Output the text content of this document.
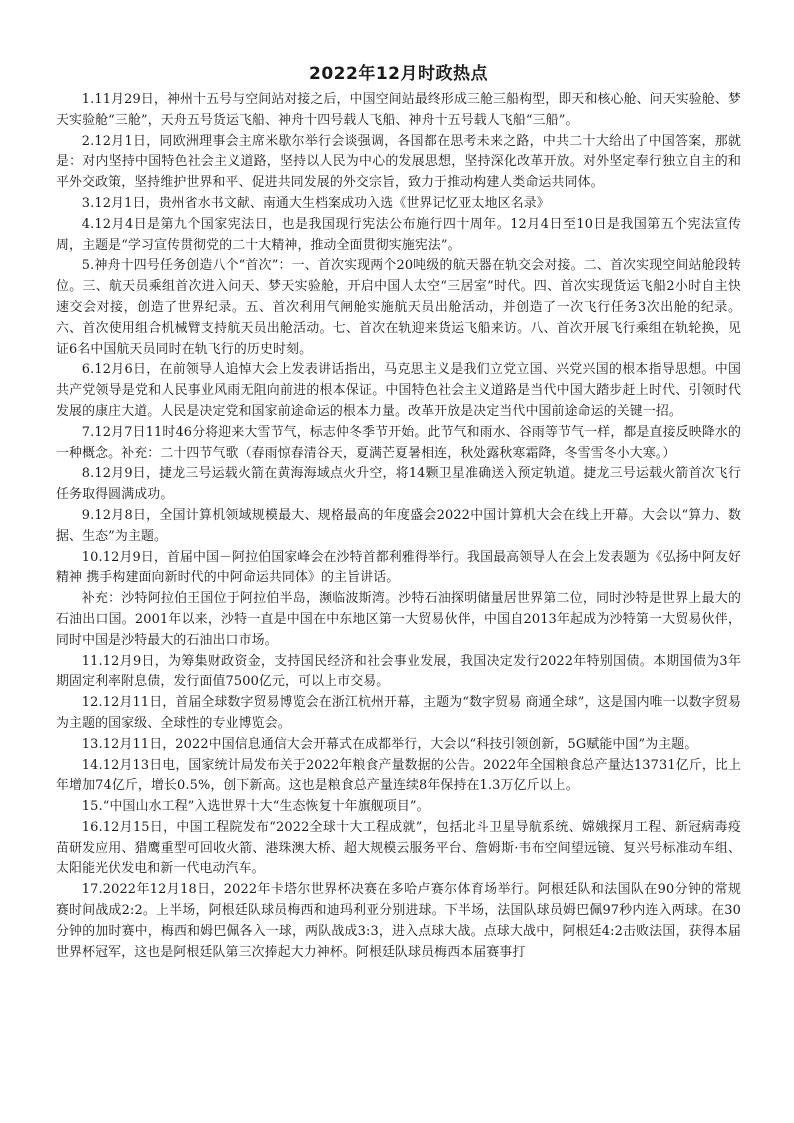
2022年12月时政热点

1.11月29日，神州十五号与空间站对接之后，中国空间站最终形成三舱三船构型，即天和核心舱、问天实验舱、梦天实验舱“三舱”，天舟五号货运飞船、神舟十四号载人飞船、神舟十五号载人飞船“三船”。

2.12月1日，同欧洲理事会主席米歇尔举行会谈强调，各国都在思考未来之路，中共二十大给出了中国答案，那就是：对内坚持中国特色社会主义道路，坚持以人民为中心的发展思想，坚持深化改革开放。对外坚定奉行独立自主的和平外交政策，坚持维护世界和平、促进共同发展的外交宗旨，致力于推动构建人类命运共同体。

3.12月1日，贵州省水书文献、南通大生档案成功入选《世界记忆亚太地区名录》

4.12月4日是第九个国家宪法日，也是我国现行宪法公布施行四十周年。12月4日至10日是我国第五个宪法宣传周，主题是“学习宣传贯彻党的二十大精神，推动全面贯彻实施宪法”。

5.神舟十四号任务创造八个“首次”：一、首次实现两个20吨级的航天器在轨交会对接。二、首次实现空间站舱段转位。三、航天员乘组首次进入问天、梦天实验舱，开启中国人太空“三居室”时代。四、首次实现货运飞船2小时自主快速交会对接，创造了世界纪录。五、首次利用气闸舱实施航天员出舱活动，并创造了一次飞行任务3次出舱的纪录。六、首次使用组合机械臂支持航天员出舱活动。七、首次在轨迎来货运飞船来访。八、首次开展飞行乘组在轨轮换，见证6名中国航天员同时在轨飞行的历史时刻。

6.12月6日，在前领导人追悼大会上发表讲话指出，马克思主义是我们立党立国、兴党兴国的根本指导思想。中国共产党领导是党和人民事业风雨无阻向前进的根本保证。中国特色社会主义道路是当代中国大踏步赶上时代、引领时代发展的康庄大道。人民是决定党和国家前途命运的根本力量。改革开放是决定当代中国前途命运的关键一招。

7.12月7日11时46分将迎来大雪节气，标志仲冬季节开始。此节气和雨水、谷雨等节气一样，都是直接反映降水的一种概念。补充：二十四节气歌（春雨惊春清谷天，夏满芒夏暑相连，秋处露秋寒霜降，冬雪雪冬小大寒。）

8.12月9日，捷龙三号运载火箭在黄海海域点火升空，将14颗卫星准确送入预定轨道。捷龙三号运载火箭首次飞行任务取得圆满成功。

9.12月8日，全国计算机领域规模最大、规格最高的年度盛会2022中国计算机大会在线上开幕。大会以“算力、数据、生态”为主题。

10.12月9日，首届中国－阿拉伯国家峰会在沙特首都利雅得举行。我国最高领导人在会上发表题为《弘扬中阿友好精神 携手构建面向新时代的中阿命运共同体》的主旨讲话。

补充：沙特阿拉伯王国位于阿拉伯半岛，濒临波斯湾。沙特石油探明储量居世界第二位，同时沙特是世界上最大的石油出口国。2001年以来，沙特一直是中国在中东地区第一大贸易伙伴，中国自2013年起成为沙特第一大贸易伙伴，同时中国是沙特最大的石油出口市场。

11.12月9日，为筹集财政资金，支持国民经济和社会事业发展，我国决定发行2022年特别国债。本期国债为3年期固定利率附息债，发行面值7500亿元，可以上市交易。

12.12月11日，首届全球数字贸易博览会在浙江杭州开幕，主题为“数字贸易 商通全球”，这是国内唯一以数字贸易为主题的国家级、全球性的专业博览会。

13.12月11日，2022中国信息通信大会开幕式在成都举行，大会以“科技引领创新，5G赋能中国”为主题。

14.12月13日电，国家统计局发布关于2022年粮食产量数据的公告。2022年全国粮食总产量达13731亿斤，比上年增加74亿斤，增长0.5%，创下新高。这也是粮食总产量连续8年保持在1.3万亿斤以上。

15.“中国山水工程”入选世界十大“生态恢复十年旗舰项目”。

16.12月15日，中国工程院发布“2022全球十大工程成就”，包括北斗卫星导航系统、嫦娥探月工程、新冠病毒疫苗研发应用、猎鹰重型可回收火箭、港珠澳大桥、超大规模云服务平台、詹姆斯·韦布空间望远镜、复兴号标准动车组、太阳能光伏发电和新一代电动汽车。

17.2022年12月18日，2022年卡塔尔世界杯决赛在多哈卢赛尔体育场举行。阿根廷队和法国队在90分钟的常规赛时间战成2:2。上半场，阿根廷队球员梅西和迪玛利亚分别进球。下半场，法国队球员姆巴佩97秒内连入两球。在30分钟的加时赛中，梅西和姆巴佩各入一球，两队战成3:3，进入点球大战。点球大战中，阿根廷4:2击败法国，获得本届世界杯冠军，这也是阿根廷队第三次捧起大力神杯。阿根廷队球员梅西本届赛事打
